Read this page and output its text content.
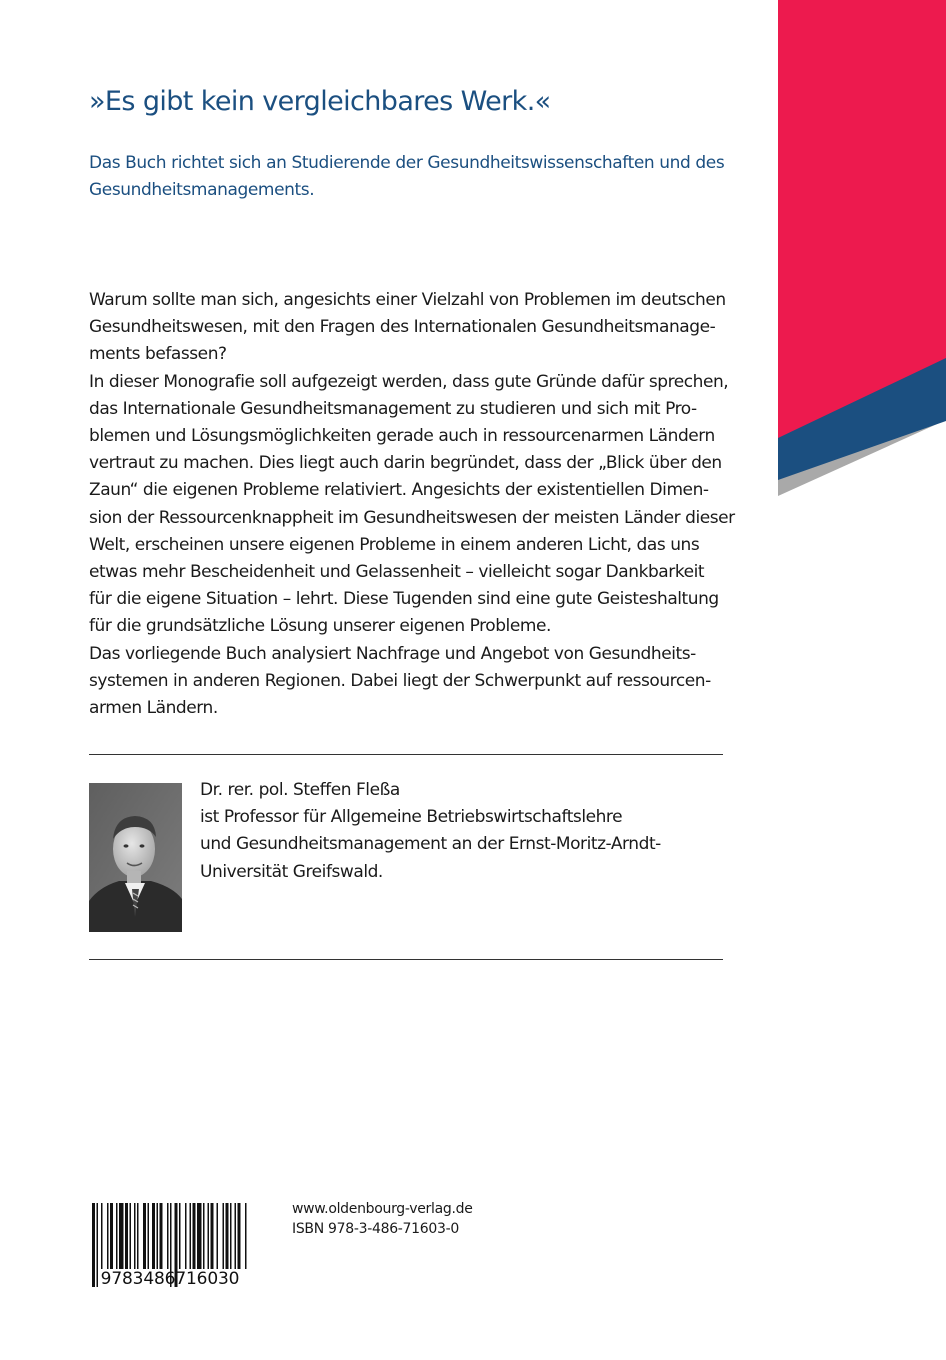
»Es gibt kein vergleichbares Werk.«

Das Buch richtet sich an Studierende der Gesundheitswissenschaften und des Gesundheitsmanagements.

Warum sollte man sich, angesichts einer Vielzahl von Problemen im deutschen
Gesundheitswesen, mit den Fragen des Internationalen Gesundheitsmanage-
ments befassen?
In dieser Monografie soll aufgezeigt werden, dass gute Gründe dafür sprechen,
das Internationale Gesundheitsmanagement zu studieren und sich mit Pro-
blemen und Lösungsmöglichkeiten gerade auch in ressourcenarmen Ländern
vertraut zu machen. Dies liegt auch darin begründet, dass der „Blick über den
Zaun“ die eigenen Probleme relativiert. Angesichts der existentiellen Dimen-
sion der Ressourcenknappheit im Gesundheitswesen der meisten Länder dieser
Welt, erscheinen unsere eigenen Probleme in einem anderen Licht, das uns
etwas mehr Bescheidenheit und Gelassenheit – vielleicht sogar Dankbarkeit
für die eigene Situation – lehrt. Diese Tugenden sind eine gute Geisteshaltung
für die grundsätzliche Lösung unserer eigenen Probleme.
Das vorliegende Buch analysiert Nachfrage und Angebot von Gesundheits-
systemen in anderen Regionen. Dabei liegt der Schwerpunkt auf ressourcen-
armen Ländern.
Dr. rer. pol. Steffen Fleßa
ist Professor für Allgemeine Betriebswirtschaftslehre
und Gesundheitsmanagement an der Ernst-Moritz-Arndt-
Universität Greifswald.
9783486716030
www.oldenbourg-verlag.de
ISBN 978-3-486-71603-0
